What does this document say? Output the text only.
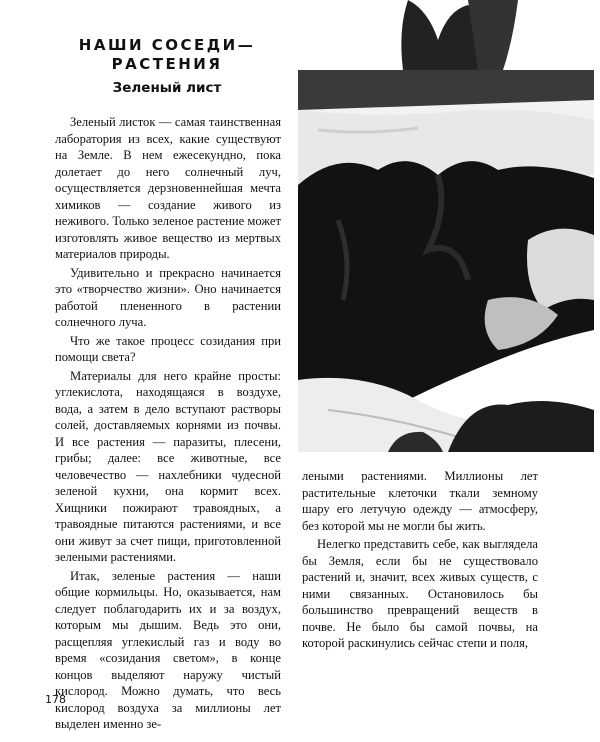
НАШИ СОСЕДИ—
РАСТЕНИЯ
Зеленый лист

Зеленый листок — самая таинственная лаборатория из всех, какие существуют на Земле. В нем ежесекундно, пока долетает до него солнечный луч, осуществляется дерзновеннейшая мечта химиков — создание живого из неживого. Только зеленое растение может изготовлять живое вещество из мертвых материалов природы.

Удивительно и прекрасно начинается это «творчество жизни». Оно начинается работой плененного в растении солнечного луча.

Что же такое процесс созидания при помощи света?

Материалы для него крайне просты: углекислота, находящаяся в воздухе, вода, а затем в дело вступают растворы солей, доставляемых корнями из почвы. И все растения — паразиты, плесени, грибы; далее: все животные, все человечество — нахлебники чудесной зеленой кухни, она кормит всех. Хищники пожирают травоядных, а травоядные питаются растениями, и все они живут за счет пищи, приготовленной зелеными растениями.

Итак, зеленые растения — наши общие кормильцы. Но, оказывается, нам следует поблагодарить их и за воздух, которым мы дышим. Ведь это они, расщепляя углекислый газ и воду во время «созидания светом», в конце концов выделяют наружу чистый кислород. Можно думать, что весь кислород воздуха за миллионы лет выделен именно зе-

леными растениями. Миллионы лет растительные клеточки ткали земному шару его летучую одежду — атмосферу, без которой мы не могли бы жить.

Нелегко представить себе, как выглядела бы Земля, если бы не существовало растений и, значит, всех живых существ, с ними связанных. Остановилось бы большинство превращений веществ в почве. Не было бы самой почвы, на которой раскинулись сейчас степи и поля,

178
